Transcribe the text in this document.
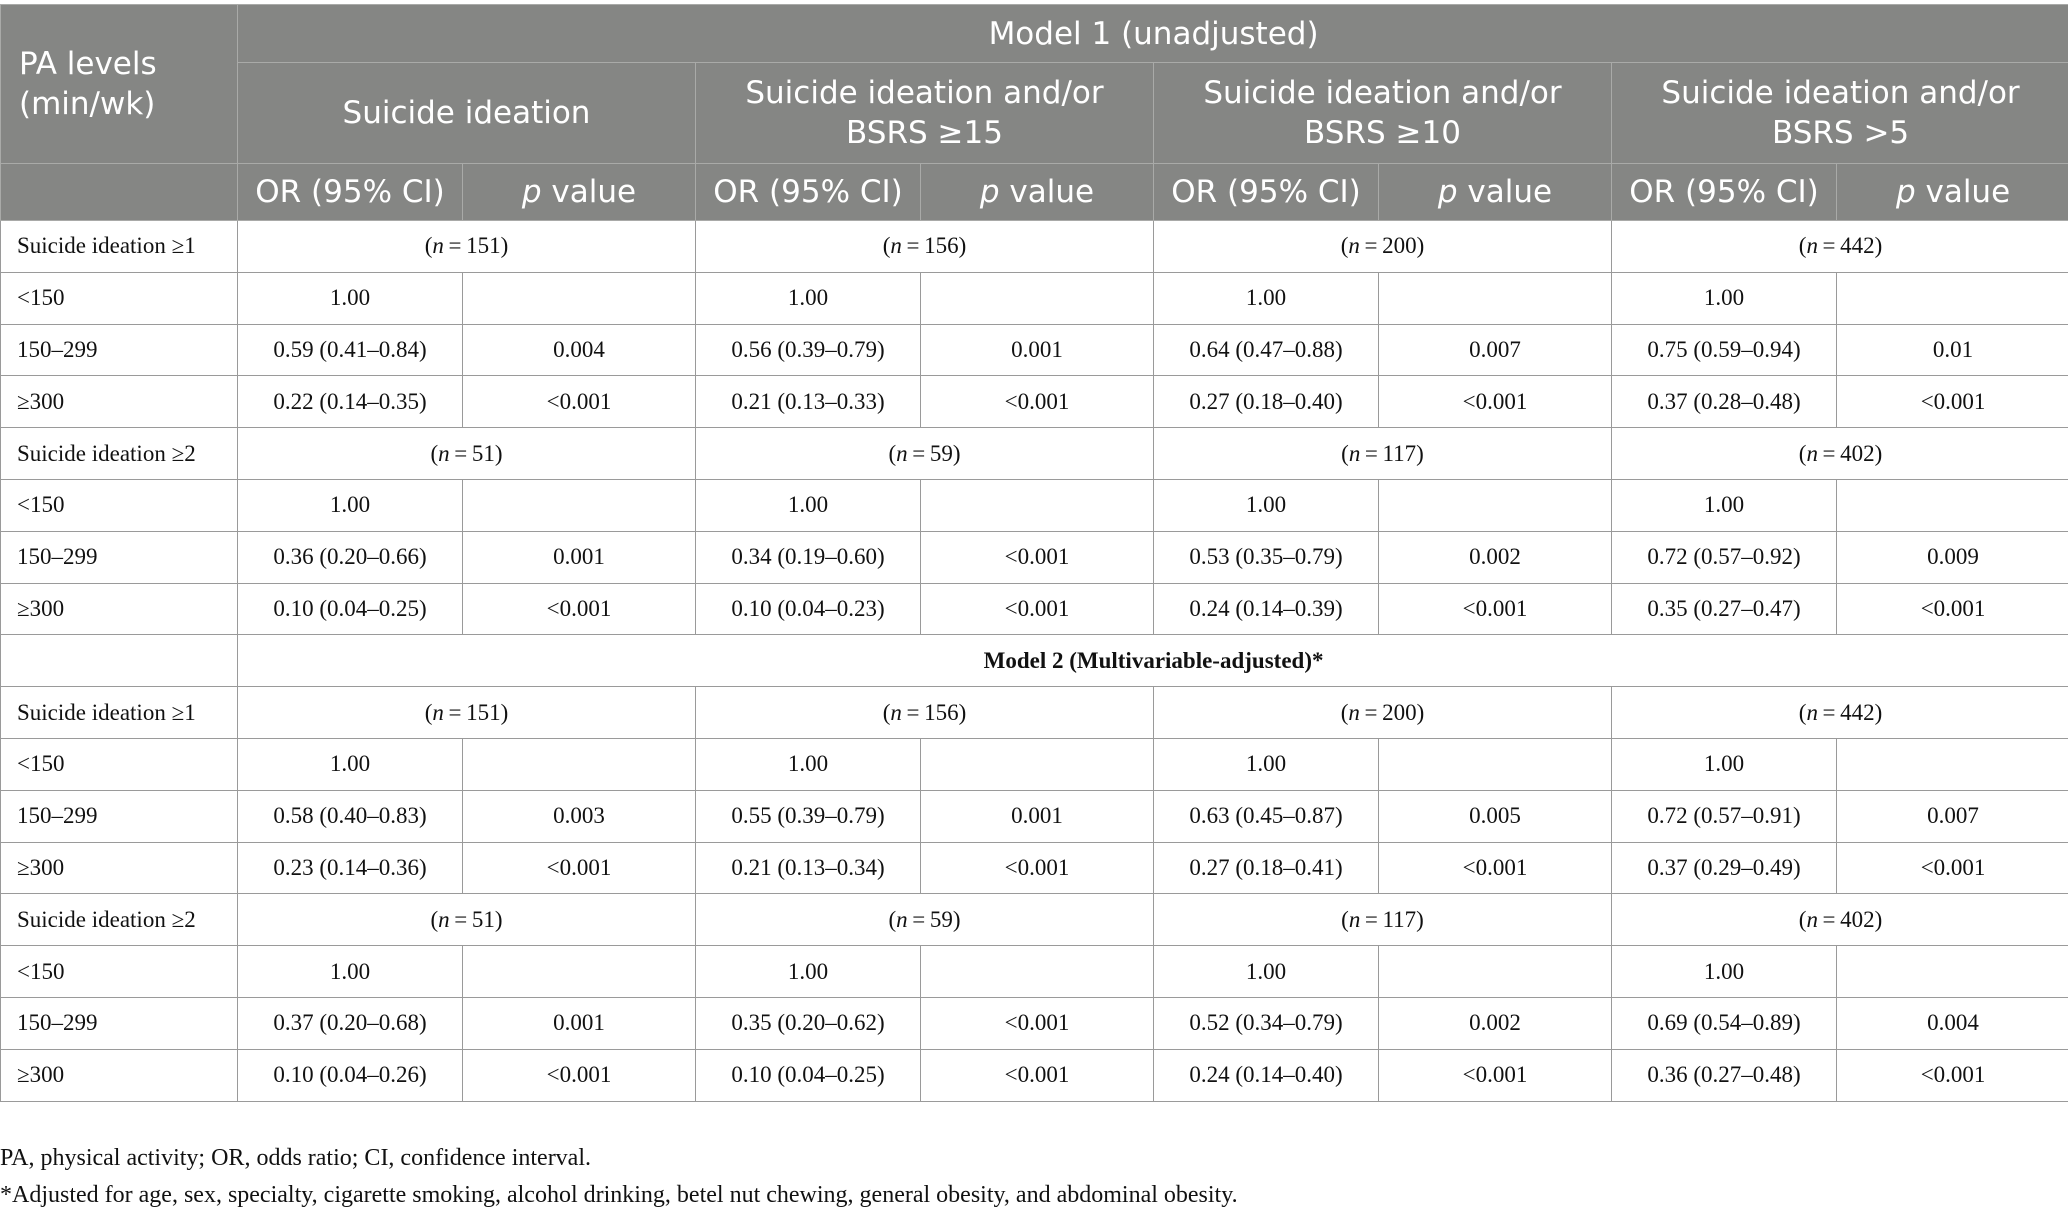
PA levels (min/wk)	Model 1 (unadjusted)							
	Suicide ideation		Suicide ideation and/or BSRS ≥15		Suicide ideation and/or BSRS ≥10		Suicide ideation and/or BSRS >5	
	OR (95% CI)	p value	OR (95% CI)	p value	OR (95% CI)	p value	OR (95% CI)	p value
Suicide ideation ≥1	(n = 151)		(n = 156)		(n = 200)		(n = 442)	
<150	1.00		1.00		1.00		1.00	
150–299	0.59 (0.41–0.84)	0.004	0.56 (0.39–0.79)	0.001	0.64 (0.47–0.88)	0.007	0.75 (0.59–0.94)	0.01
≥300	0.22 (0.14–0.35)	<0.001	0.21 (0.13–0.33)	<0.001	0.27 (0.18–0.40)	<0.001	0.37 (0.28–0.48)	<0.001
Suicide ideation ≥2	(n = 51)		(n = 59)		(n = 117)		(n = 402)	
<150	1.00		1.00		1.00		1.00	
150–299	0.36 (0.20–0.66)	0.001	0.34 (0.19–0.60)	<0.001	0.53 (0.35–0.79)	0.002	0.72 (0.57–0.92)	0.009
≥300	0.10 (0.04–0.25)	<0.001	0.10 (0.04–0.23)	<0.001	0.24 (0.14–0.39)	<0.001	0.35 (0.27–0.47)	<0.001
	Model 2 (Multivariable-adjusted)*							
Suicide ideation ≥1	(n = 151)		(n = 156)		(n = 200)		(n = 442)	
<150	1.00		1.00		1.00		1.00	
150–299	0.58 (0.40–0.83)	0.003	0.55 (0.39–0.79)	0.001	0.63 (0.45–0.87)	0.005	0.72 (0.57–0.91)	0.007
≥300	0.23 (0.14–0.36)	<0.001	0.21 (0.13–0.34)	<0.001	0.27 (0.18–0.41)	<0.001	0.37 (0.29–0.49)	<0.001
Suicide ideation ≥2	(n = 51)		(n = 59)		(n = 117)		(n = 402)	
<150	1.00		1.00		1.00		1.00	
150–299	0.37 (0.20–0.68)	0.001	0.35 (0.20–0.62)	<0.001	0.52 (0.34–0.79)	0.002	0.69 (0.54–0.89)	0.004
≥300	0.10 (0.04–0.26)	<0.001	0.10 (0.04–0.25)	<0.001	0.24 (0.14–0.40)	<0.001	0.36 (0.27–0.48)	<0.001
PA, physical activity; OR, odds ratio; CI, confidence interval.
*Adjusted for age, sex, specialty, cigarette smoking, alcohol drinking, betel nut chewing, general obesity, and abdominal obesity.
